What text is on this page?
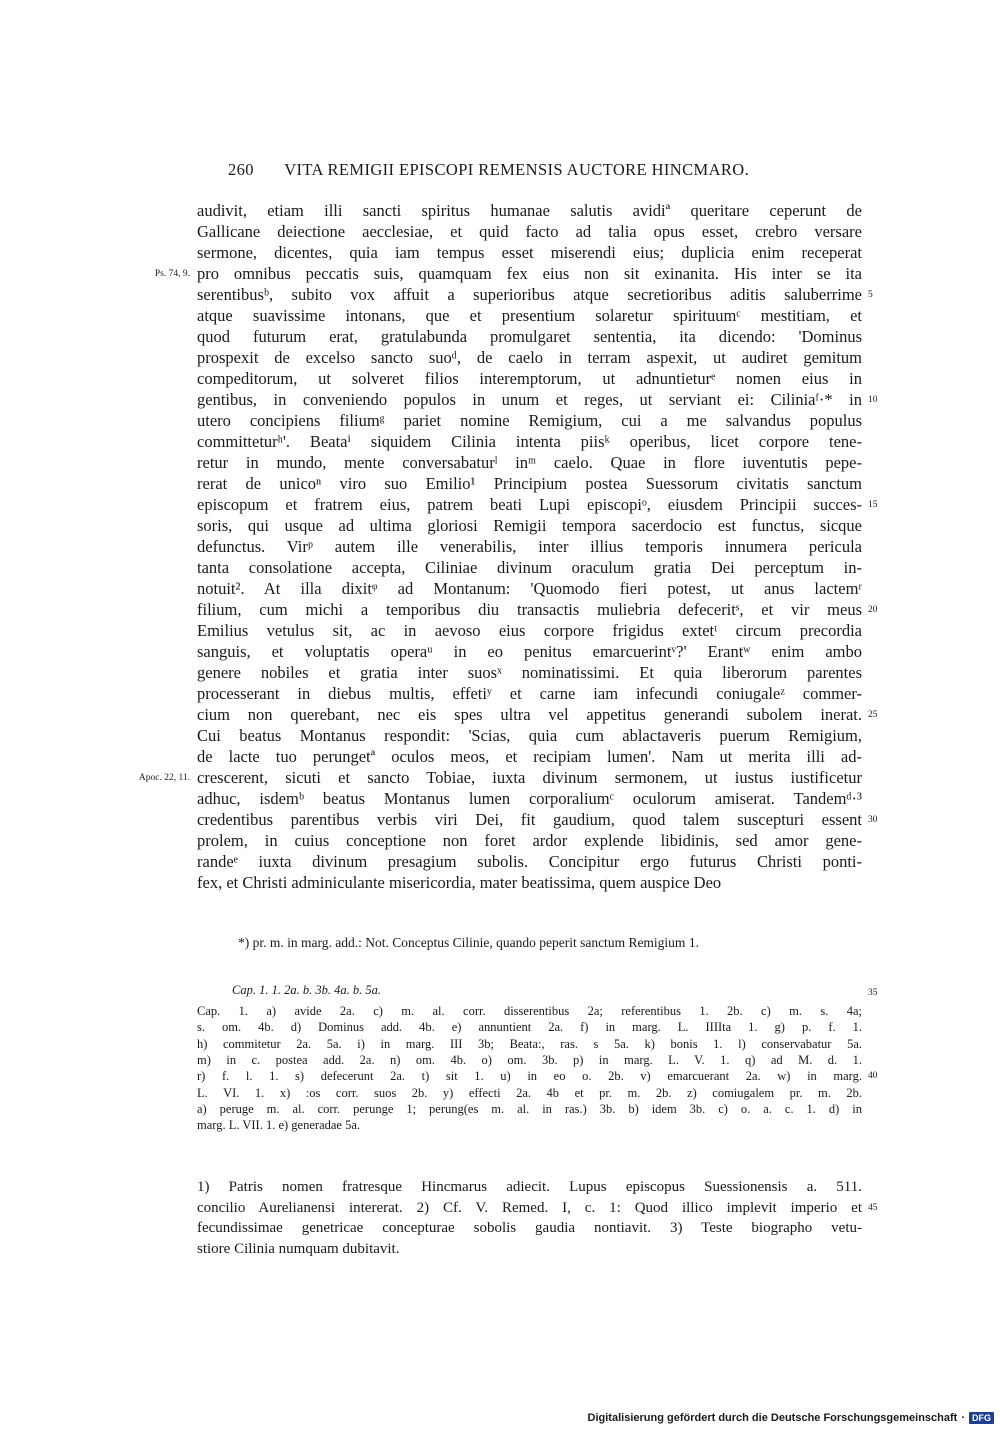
260 VITA REMIGII EPISCOPI REMENSIS AUCTORE HINCMARO.
audivit, etiam illi sancti spiritus humanae salutis avidiª queritare ceperunt de
Gallicane deiectione aecclesiae, et quid facto ad talia opus esset, crebro versare
sermone, dicentes, quia iam tempus esset miserendi eius; duplicia enim receperat
pro omnibus peccatis suis, quamquam fex eius non sit exinanita. His inter se ita
serentibusᵇ, subito vox affuit a superioribus atque secretioribus aditis saluberrime
atque suavissime intonans, que et presentium solaretur spirituumᶜ mestitiam, et
quod futurum erat, gratulabunda promulgaret sententia, ita dicendo: 'Dominus
prospexit de excelso sancto suoᵈ, de caelo in terram aspexit, ut audiret gemitum
compeditorum, ut solveret filios interemptorum, ut adnuntieturᵉ nomen eius in
gentibus, in conveniendo populos in unum et reges, ut serviant ei: Ciliniaᶠ·* in
utero concipiens filiumᵍ pariet nomine Remigium, cui a me salvandus populus
committeturʰ'. Beataⁱ siquidem Cilinia intenta piisᵏ operibus, licet corpore tene-
retur in mundo, mente conversabaturˡ inᵐ caelo. Quae in flore iuventutis pepe-
rerat de unicoⁿ viro suo Emilio¹ Principium postea Suessorum civitatis sanctum
episcopum et fratrem eius, patrem beati Lupi episcopiᵒ, eiusdem Principii succes-
soris, qui usque ad ultima gloriosi Remigii tempora sacerdocio est functus, sicque
defunctus. Virᵖ autem ille venerabilis, inter illius temporis innumera pericula
tanta consolatione accepta, Ciliniae divinum oraculum gratia Dei perceptum in-
notuit². At illa dixitᵠ ad Montanum: 'Quomodo fieri potest, ut anus lactemʳ
filium, cum michi a temporibus diu transactis muliebria defeceritˢ, et vir meus
Emilius vetulus sit, ac in aevoso eius corpore frigidus extetᵗ circum precordia
sanguis, et voluptatis operaᵘ in eo penitus emarcuerintᵛ?' Erantʷ enim ambo
genere nobiles et gratia inter suosˣ nominatissimi. Et quia liberorum parentes
processerant in diebus multis, effetiʸ et carne iam infecundi coniugaleᶻ commer-
cium non querebant, nec eis spes ultra vel appetitus generandi subolem inerat.
Cui beatus Montanus respondit: 'Scias, quia cum ablactaveris puerum Remigium,
de lacte tuo perungetª oculos meos, et recipiam lumen'. Nam ut merita illi ad-
crescerent, sicuti et sancto Tobiae, iuxta divinum sermonem, ut iustus iustificetur
adhuc, isdemᵇ beatus Montanus lumen corporaliumᶜ oculorum amiserat. Tandemᵈ·³
credentibus parentibus verbis viri Dei, fit gaudium, quod talem suscepturi essent
prolem, in cuius conceptione non foret ardor explende libidinis, sed amor gene-
randeᵉ iuxta divinum presagium subolis. Concipitur ergo futurus Christi ponti-
fex, et Christi adminiculante misericordia, mater beatissima, quem auspice Deo
Ps. 74, 9.
Apoc. 22, 11.
5
10
15
20
25
30
*) pr. m. in marg. add.: Not. Conceptus Cilinie, quando peperit sanctum Remigium 1.
Cap. 1. 1. 2a. b. 3b. 4a. b. 5a.	35
Cap. 1. a) avide 2a. c) m. al. corr. disserentibus 2a; referentibus 1. 2b. c) m. s. 4a;
s. om. 4b. d) Dominus add. 4b. e) annuntient 2a. f) in marg. L. IIIIta 1. g) p. f. 1.
h) commitetur 2a. 5a. i) in marg. III 3b; Beata:, ras. s 5a. k) bonis 1. l) conservabatur 5a.
m) in c. postea add. 2a. n) om. 4b. o) om. 3b. p) in marg. L. V. 1. q) ad M. d. 1.
r) f. l. 1. s) defecerunt 2a. t) sit 1. u) in eo o. 2b. v) emarcuerant 2a. w) in marg.
L. VI. 1. x) :os corr. suos 2b. y) effecti 2a. 4b et pr. m. 2b. z) comiugalem pr. m. 2b.
a) peruge m. al. corr. perunge 1; perung(es m. al. in ras.) 3b. b) idem 3b. c) o. a. c. 1. d) in
marg. L. VII. 1. e) generadae 5a.
40
1) Patris nomen fratresque Hincmarus adiecit. Lupus episcopus Suessionensis a. 511.
concilio Aurelianensi intererat. 2) Cf. V. Remed. I, c. 1: Quod illico implevit imperio et
fecundissimae genetricae concepturae sobolis gaudia nontiavit. 3) Teste biographo vetu-
stiore Cilinia numquam dubitavit.
45
Digitalisierung gefördert durch die Deutsche Forschungsgemeinschaft · DFG
